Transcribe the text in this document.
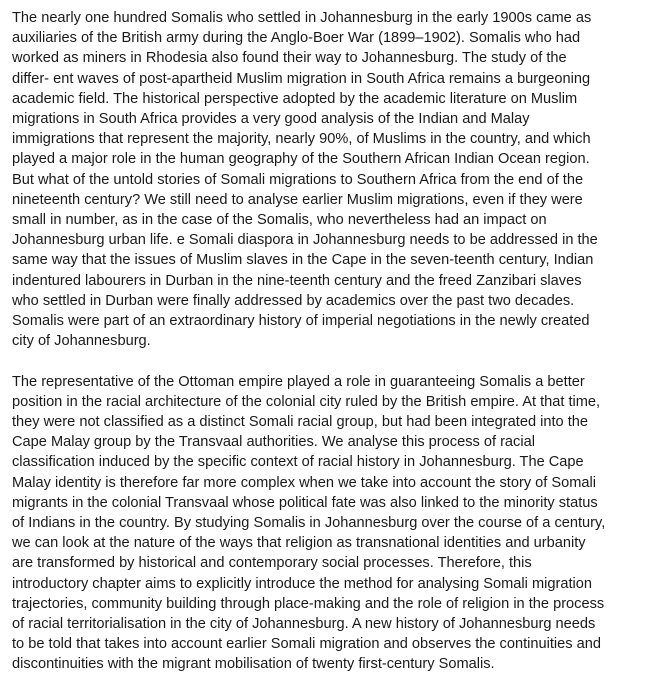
The nearly one hundred Somalis who settled in Johannesburg in the early 1900s came as
auxiliaries of the British army during the Anglo-Boer War (1899–1902). Somalis who had
worked as miners in Rhodesia also found their way to Johannesburg. The study of the
differ- ent waves of post-apartheid Muslim migration in South Africa remains a burgeoning
academic field. The historical perspective adopted by the academic literature on Muslim
migrations in South Africa provides a very good analysis of the Indian and Malay
immigrations that represent the majority, nearly 90%, of Muslims in the country, and which
played a major role in the human geography of the Southern African Indian Ocean region.
But what of the untold stories of Somali migrations to Southern Africa from the end of the
nineteenth century? We still need to analyse earlier Muslim migrations, even if they were
small in number, as in the case of the Somalis, who nevertheless had an impact on
Johannesburg urban life. e Somali diaspora in Johannesburg needs to be addressed in the
same way that the issues of Muslim slaves in the Cape in the seven-teenth century, Indian
indentured labourers in Durban in the nine-teenth century and the freed Zanzibari slaves
who settled in Durban were finally addressed by academics over the past two decades.
Somalis were part of an extraordinary history of imperial negotiations in the newly created
city of Johannesburg.

The representative of the Ottoman empire played a role in guaranteeing Somalis a better
position in the racial architecture of the colonial city ruled by the British empire. At that time,
they were not classified as a distinct Somali racial group, but had been integrated into the
Cape Malay group by the Transvaal authorities. We analyse this process of racial
classification induced by the specific context of racial history in Johannesburg. The Cape
Malay identity is therefore far more complex when we take into account the story of Somali
migrants in the colonial Transvaal whose political fate was also linked to the minority status
of Indians in the country. By studying Somalis in Johannesburg over the course of a century,
we can look at the nature of the ways that religion as transnational identities and urbanity
are transformed by historical and contemporary social processes. Therefore, this
introductory chapter aims to explicitly introduce the method for analysing Somali migration
trajectories, community building through place-making and the role of religion in the process
of racial territorialisation in the city of Johannesburg. A new history of Johannesburg needs
to be told that takes into account earlier Somali migration and observes the continuities and
discontinuities with the migrant mobilisation of twenty first-century Somalis.
